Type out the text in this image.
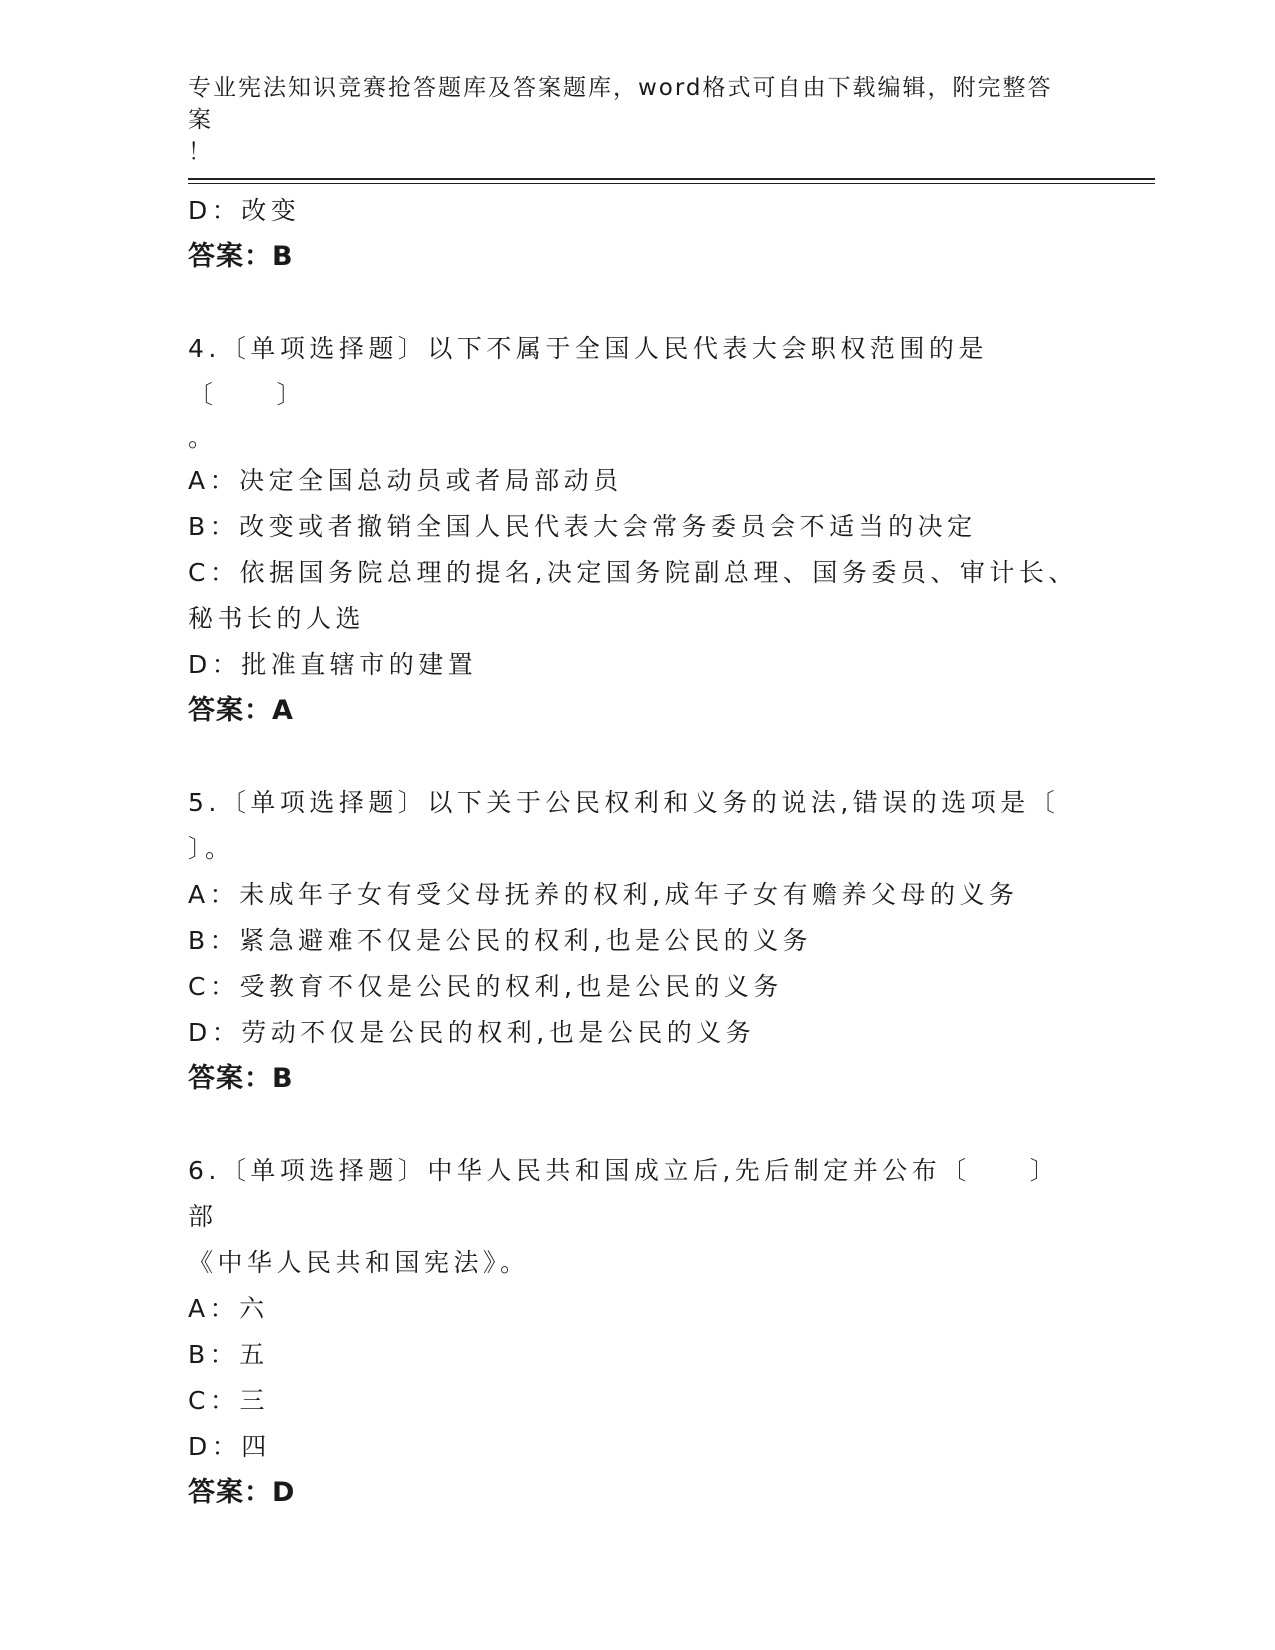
专业宪法知识竞赛抢答题库及答案题库，word格式可自由下载编辑，附完整答案
！
D：改变
答案：B
4.〔单项选择题〕以下不属于全国人民代表大会职权范围的是〔　　〕
。
A：决定全国总动员或者局部动员
B：改变或者撤销全国人民代表大会常务委员会不适当的决定
C：依据国务院总理的提名,决定国务院副总理、国务委员、审计长、
秘书长的人选
D：批准直辖市的建置
答案：A
5.〔单项选择题〕以下关于公民权利和义务的说法,错误的选项是〔
〕。
A：未成年子女有受父母抚养的权利,成年子女有赡养父母的义务
B：紧急避难不仅是公民的权利,也是公民的义务
C：受教育不仅是公民的权利,也是公民的义务
D：劳动不仅是公民的权利,也是公民的义务
答案：B
6.〔单项选择题〕中华人民共和国成立后,先后制定并公布〔　　〕部
《中华人民共和国宪法》。
A：六
B：五
C：三
D：四
答案：D
